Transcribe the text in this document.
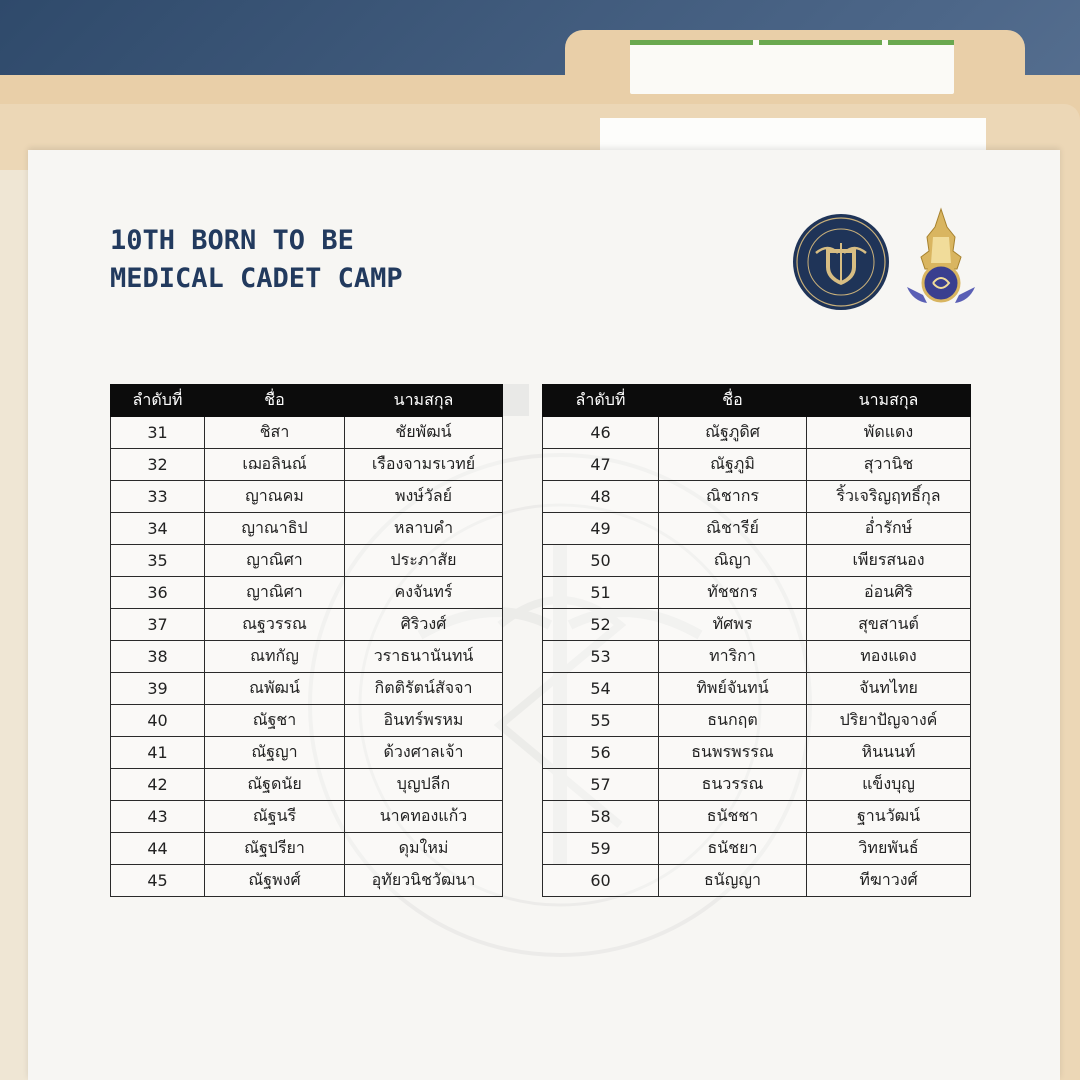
10TH BORN TO BE
MEDICAL CADET CAMP
ลำดับที่	ชื่อ	นามสกุล
31	ชิสา	ชัยพัฒน์
32	เฌอลินณ์	เรืองจามรเวทย์
33	ญาณคม	พงษ์วัลย์
34	ญาณาธิป	หลาบคำ
35	ญาณิศา	ประภาสัย
36	ญาณิศา	คงจันทร์
37	ณฐวรรณ	ศิริวงศ์
38	ณทกัญ	วราธนานันทน์
39	ณพัฒน์	กิตติรัตน์สัจจา
40	ณัฐชา	อินทร์พรหม
41	ณัฐญา	ด้วงศาลเจ้า
42	ณัฐดนัย	บุญปลีก
43	ณัฐนรี	นาคทองแก้ว
44	ณัฐปรียา	ดุมใหม่
45	ณัฐพงศ์	อุทัยวนิชวัฒนา
ลำดับที่	ชื่อ	นามสกุล
46	ณัฐภูดิศ	พัดแดง
47	ณัฐภูมิ	สุวานิช
48	ณิชากร	ริ้วเจริญฤทธิ์กุล
49	ณิชารีย์	อ่ำรักษ์
50	ณิญา	เพียรสนอง
51	ทัชชกร	อ่อนศิริ
52	ทัศพร	สุขสานต์
53	ทาริกา	ทองแดง
54	ทิพย์จันทน์	จันทไทย
55	ธนกฤต	ปริยาปัญจางค์
56	ธนพรพรรณ	หินนนท์
57	ธนวรรณ	แข็งบุญ
58	ธนัชชา	ฐานวัฒน์
59	ธนัชยา	วิทยพันธ์
60	ธนัญญา	ทีฆาวงศ์
